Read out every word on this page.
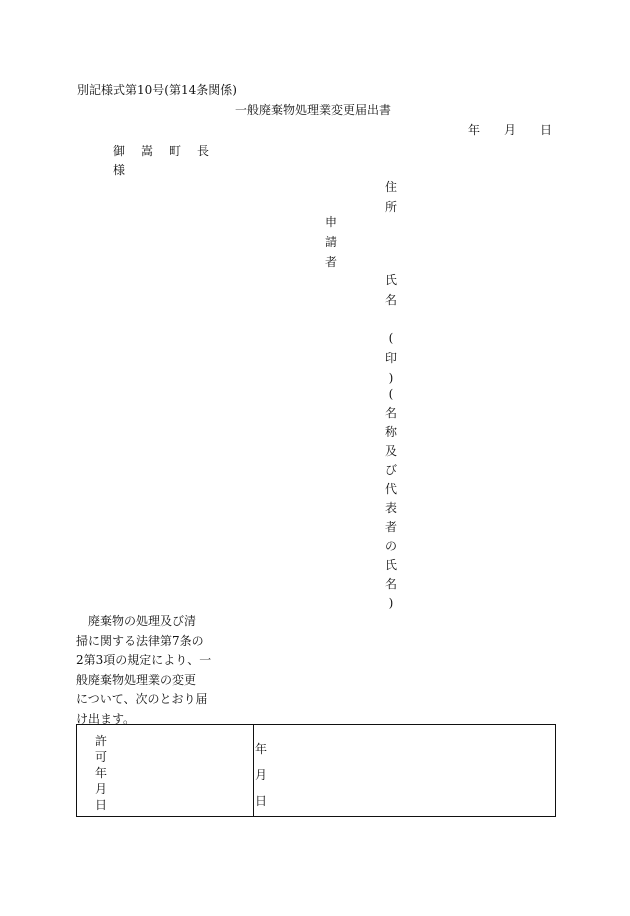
別記様式第10号(第14条関係)
一般廃棄物処理業変更届出書
年 月 日
御 嵩 町 長
様
住
所
申
請
者
氏
名
(
印
)
(
名
称
及
び
代
表
者
の
氏
名
)

廃棄物の処理及び清

掃に関する法律第7条の

2第3項の規定により、一

般廃棄物処理業の変更

について、次のとおり届

け出ます。

許
可
年
月
日
年
月
日
